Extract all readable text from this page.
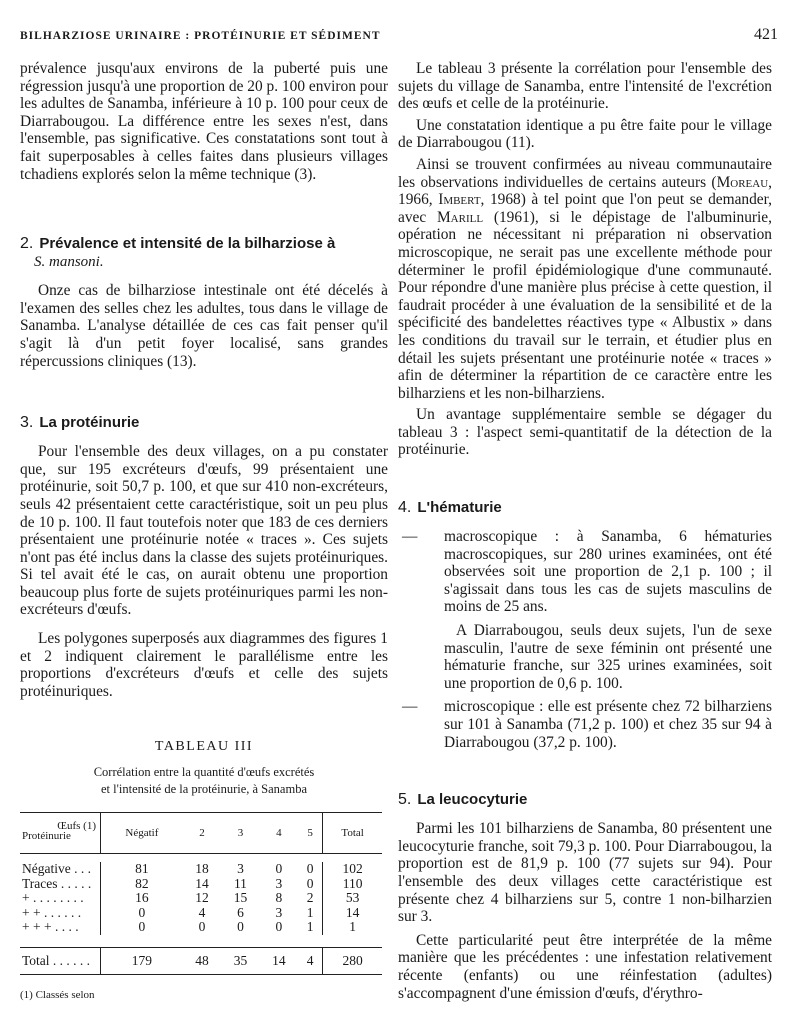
BILHARZIOSE URINAIRE : PROTÉINURIE ET SÉDIMENT	421

prévalence jusqu'aux environs de la puberté puis une régression jusqu'à une proportion de 20 p. 100 environ pour les adultes de Sanamba, inférieure à 10 p. 100 pour ceux de Diarrabougou. La différence entre les sexes n'est, dans l'ensemble, pas significative. Ces constatations sont tout à fait superposables à celles faites dans plusieurs villages tchadiens explorés selon la même technique (3).

2. Prévalence et intensité de la bilharziose à
S. mansoni.

Onze cas de bilharziose intestinale ont été décelés à l'examen des selles chez les adultes, tous dans le village de Sanamba. L'analyse détaillée de ces cas fait penser qu'il s'agit là d'un petit foyer localisé, sans grandes répercussions cliniques (13).

3. La protéinurie

Pour l'ensemble des deux villages, on a pu constater que, sur 195 excréteurs d'œufs, 99 présentaient une protéinurie, soit 50,7 p. 100, et que sur 410 non-excréteurs, seuls 42 présentaient cette caractéristique, soit un peu plus de 10 p. 100. Il faut toutefois noter que 183 de ces derniers présentaient une protéinurie notée « traces ». Ces sujets n'ont pas été inclus dans la classe des sujets protéinuriques. Si tel avait été le cas, on aurait obtenu une proportion beaucoup plus forte de sujets protéinuriques parmi les non-excréteurs d'œufs.

Les polygones superposés aux diagrammes des figures 1 et 2 indiquent clairement le parallélisme entre les proportions d'excréteurs d'œufs et celle des sujets protéinuriques.

TABLEAU III
Corrélation entre la quantité d'œufs excrétés
et l'intensité de la protéinurie, à Sanamba
Œufs (1)
Protéinurie	Négatif	2	3	4	5	Total

Négative . . .	81	18	3	0	0	102
Traces . . . . .	82	14	11	3	0	110
+ . . . . . . . .	16	12	15	8	2	53
+ + . . . . . .	0	4	6	3	1	14
+ + + . . . .	0	0	0	0	1	1

Total . . . . . .	179	48	35	14	4	280
(1) Classés selon

Le tableau 3 présente la corrélation pour l'ensemble des sujets du village de Sanamba, entre l'intensité de l'excrétion des œufs et celle de la protéinurie.

Une constatation identique a pu être faite pour le village de Diarrabougou (11).

Ainsi se trouvent confirmées au niveau communautaire les observations individuelles de certains auteurs (Moreau, 1966, Imbert, 1968) à tel point que l'on peut se demander, avec Marill (1961), si le dépistage de l'albuminurie, opération ne nécessitant ni préparation ni observation microscopique, ne serait pas une excellente méthode pour déterminer le profil épidémiologique d'une communauté. Pour répondre d'une manière plus précise à cette question, il faudrait procéder à une évaluation de la sensibilité et de la spécificité des bandelettes réactives type « Albustix » dans les conditions du travail sur le terrain, et étudier plus en détail les sujets présentant une protéinurie notée « traces » afin de déterminer la répartition de ce caractère entre les bilharziens et les non-bilharziens.

Un avantage supplémentaire semble se dégager du tableau 3 : l'aspect semi-quantitatif de la détection de la protéinurie.

4. L'hématurie
— macroscopique : à Sanamba, 6 hématuries macroscopiques, sur 280 urines examinées, ont été observées soit une proportion de 2,1 p. 100 ; il s'agissait dans tous les cas de sujets masculins de moins de 25 ans.
A Diarrabougou, seuls deux sujets, l'un de sexe masculin, l'autre de sexe féminin ont présenté une hématurie franche, sur 325 urines examinées, soit une proportion de 0,6 p. 100.
— microscopique : elle est présente chez 72 bilharziens sur 101 à Sanamba (71,2 p. 100) et chez 35 sur 94 à Diarrabougou (37,2 p. 100).
5. La leucocyturie

Parmi les 101 bilharziens de Sanamba, 80 présentent une leucocyturie franche, soit 79,3 p. 100. Pour Diarrabougou, la proportion est de 81,9 p. 100 (77 sujets sur 94). Pour l'ensemble des deux villages cette caractéristique est présente chez 4 bilharziens sur 5, contre 1 non-bilharzien sur 3.

Cette particularité peut être interprétée de la même manière que les précédentes : une infestation relativement récente (enfants) ou une réinfestation (adultes) s'accompagnent d'une émission d'œufs, d'érythro-
